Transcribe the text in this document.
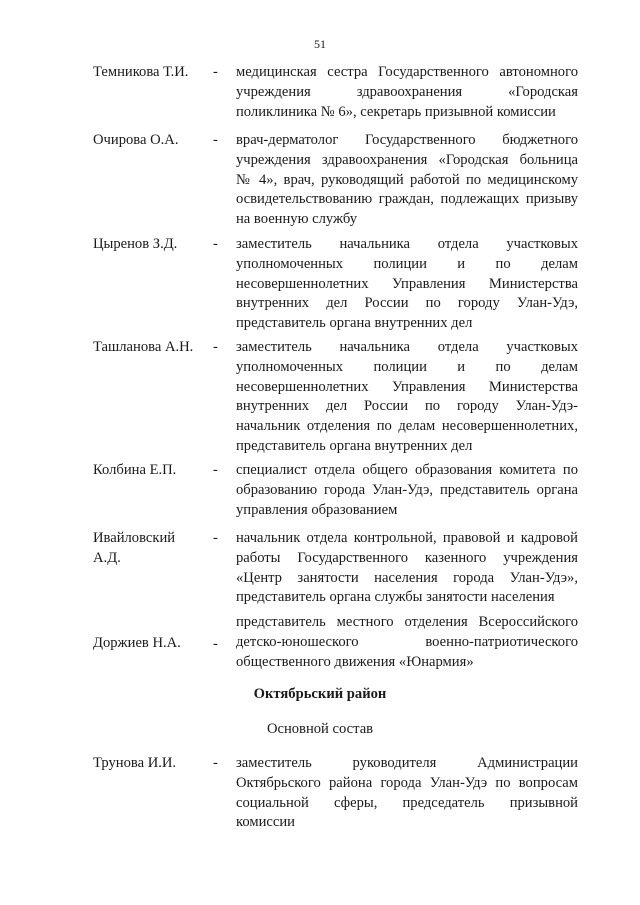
51
Темникова Т.И.	- медицинская сестра Государственного автономного
учреждения здравоохранения «Городская
поликлиника № 6», секретарь призывной комиссии
Очирова О.А.	- врач-дерматолог Государственного бюджетного
учреждения здравоохранения «Городская больница
№ 4», врач, руководящий работой по медицинскому
освидетельствованию граждан, подлежащих призыву
на военную службу
Цыренов З.Д.	- заместитель начальника отдела участковых
уполномоченных полиции и по делам
несовершеннолетних Управления Министерства
внутренних дел России по городу Улан-Удэ,
представитель органа внутренних дел
Ташланова А.Н.	- заместитель начальника отдела участковых
уполномоченных полиции и по делам
несовершеннолетних Управления Министерства
внутренних дел России по городу Улан-Удэ-
начальник отделения по делам несовершеннолетних,
представитель органа внутренних дел
Колбина Е.П.	- специалист отдела общего образования комитета по
образованию города Улан-Удэ, представитель органа
управления образованием
Ивайловский
А.Д.
- начальник отдела контрольной, правовой и кадровой
работы Государственного казенного учреждения
«Центр занятости населения города Улан-Удэ»,
представитель органа службы занятости населения
Доржиев Н.А.	-
представитель местного отделения Всероссийского
детско-юношеского военно-патриотического
общественного движения «Юнармия»
Октябрьский район
Основной состав
Трунова И.И.	- заместитель руководителя Администрации
Октябрьского района города Улан-Удэ по вопросам
социальной сферы, председатель призывной
комиссии
